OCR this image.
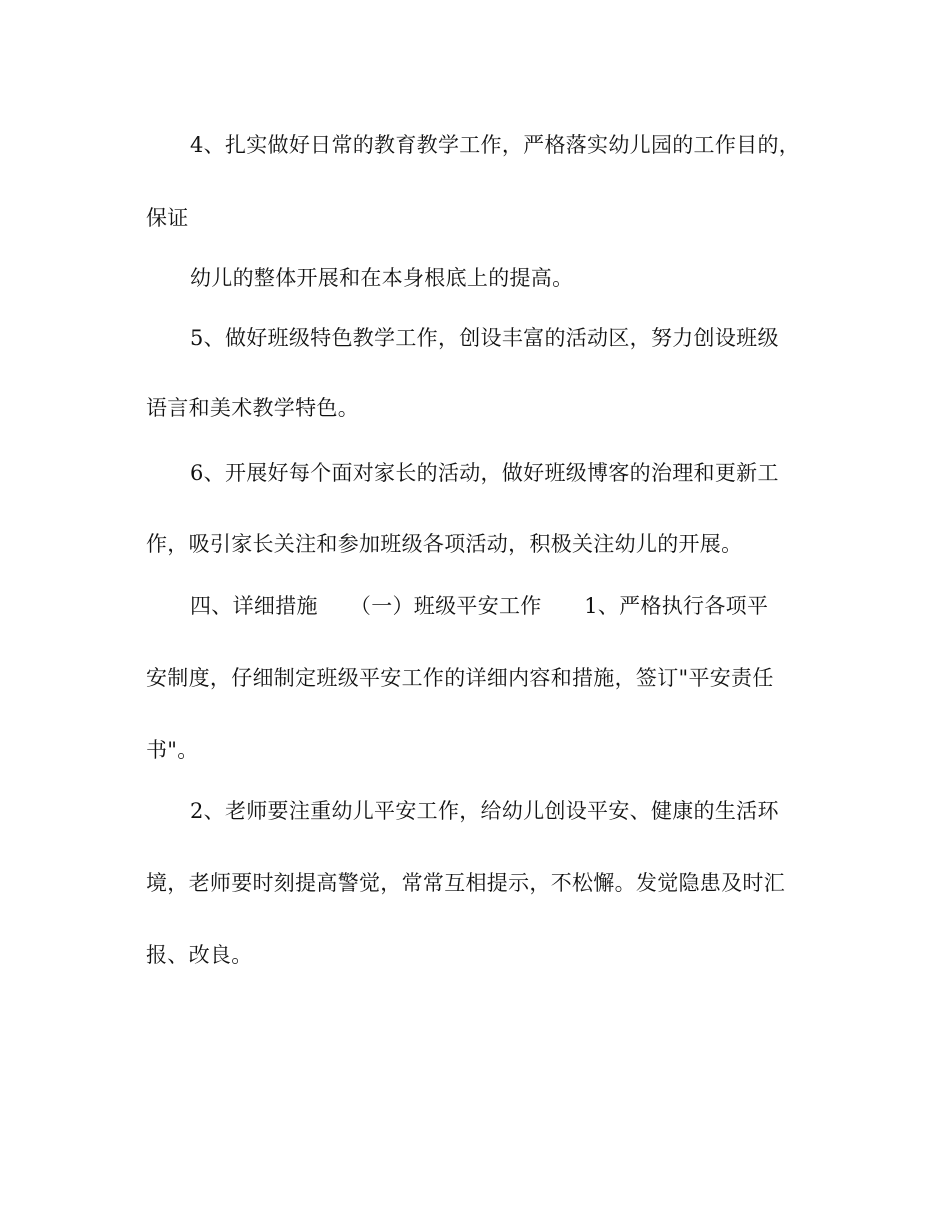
4、扎实做好日常的教育教学工作，严格落实幼儿园的工作目的，
保证
幼儿的整体开展和在本身根底上的提高。
5、做好班级特色教学工作，创设丰富的活动区，努力创设班级
语言和美术教学特色。
6、开展好每个面对家长的活动，做好班级博客的治理和更新工
作，吸引家长关注和参加班级各项活动，积极关注幼儿的开展。
四、详细措施　　（一）班级平安工作　　1、严格执行各项平
安制度，仔细制定班级平安工作的详细内容和措施，签订"平安责任
书"。
2、老师要注重幼儿平安工作，给幼儿创设平安、健康的生活环
境，老师要时刻提高警觉，常常互相提示，不松懈。发觉隐患及时汇
报、改良。
